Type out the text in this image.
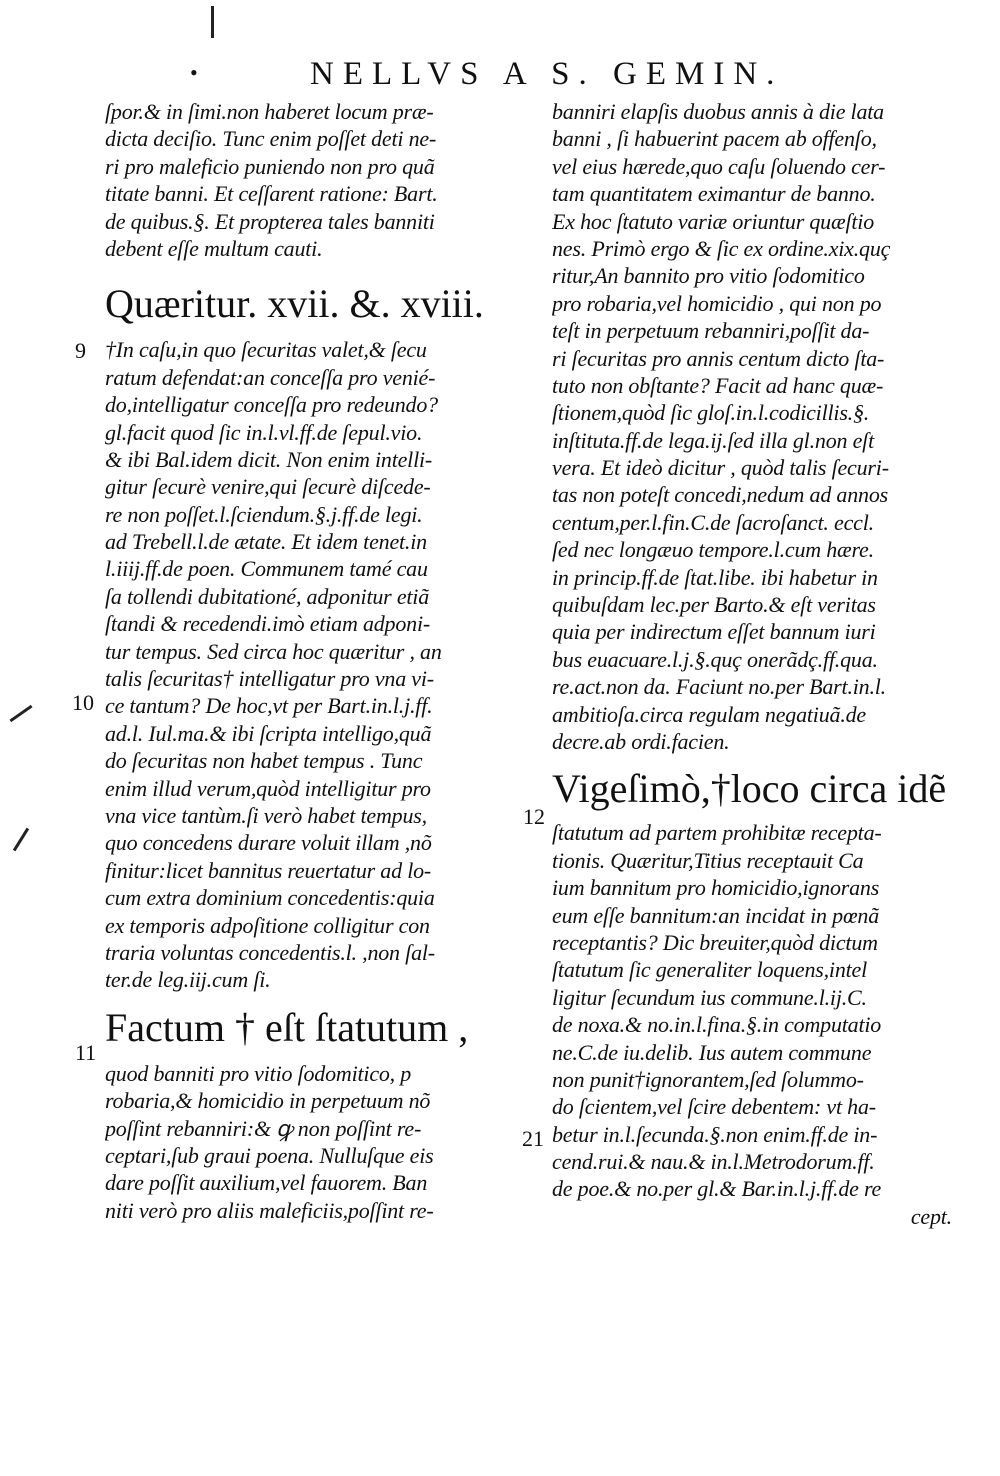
•	NELLVS A S. GEMIN.
9
10
11
12
21
ſpor.& in ſimi.non haberet locum præ-
dicta deciſio. Tunc enim poſſet deti ne-
ri pro maleficio puniendo non pro quã
titate banni. Et ceſſarent ratione: Bart.
de quibus.§. Et propterea tales banniti
debent eſſe multum cauti.
Quæritur. xvii. &. xviii.
†In caſu,in quo ſecuritas valet,& ſecu
ratum defendat:an conceſſa pro venié-
do,intelligatur conceſſa pro redeundo?
gl.facit quod ſic in.l.vl.ff.de ſepul.vio.
& ibi Bal.idem dicit. Non enim intelli-
gitur ſecurè venire,qui ſecurè diſcede-
re non poſſet.l.ſciendum.§.j.ff.de legi.
ad Trebell.l.de ætate. Et idem tenet.in
l.iiij.ff.de poen. Communem tamé cau
ſa tollendi dubitationé, adponitur etiã
ſtandi & recedendi.imò etiam adponi-
tur tempus. Sed circa hoc quæritur , an
talis ſecuritas† intelligatur pro vna vi-
ce tantum? De hoc,vt per Bart.in.l.j.ff.
ad.l. Iul.ma.& ibi ſcripta intelligo,quã
do ſecuritas non habet tempus . Tunc
enim illud verum,quòd intelligitur pro
vna vice tantùm.ſi verò habet tempus,
quo concedens durare voluit illam ,nõ
finitur:licet bannitus reuertatur ad lo-
cum extra dominium concedentis:quia
ex temporis adpoſitione colligitur con
traria voluntas concedentis.l. ,non ſal-
ter.de leg.iij.cum ſi.
Factum † eſt ſtatutum ,
quod banniti pro vitio ſodomitico, p
robaria,& homicidio in perpetuum nõ
poſſint rebanniri:& ꝙ non poſſint re-
ceptari,ſub graui poena. Nulluſque eis
dare poſſit auxilium,vel fauorem. Ban
niti verò pro aliis maleficiis,poſſint re-
banniri elapſis duobus annis à die lata
banni , ſi habuerint pacem ab offenſo,
vel eius hærede,quo caſu ſoluendo cer-
tam quantitatem eximantur de banno.
Ex hoc ſtatuto variæ oriuntur quæſtio
nes. Primò ergo & ſic ex ordine.xix.quç
ritur,An bannito pro vitio ſodomitico
pro robaria,vel homicidio , qui non po
teſt in perpetuum rebanniri,poſſit da-
ri ſecuritas pro annis centum dicto ſta-
tuto non obſtante? Facit ad hanc quæ-
ſtionem,quòd ſic gloſ.in.l.codicillis.§.
inſtituta.ff.de lega.ij.ſed illa gl.non eſt
vera. Et ideò dicitur , quòd talis ſecuri-
tas non poteſt concedi,nedum ad annos
centum,per.l.fin.C.de ſacroſanct. eccl.
ſed nec longæuo tempore.l.cum hære.
in princip.ff.de ſtat.libe. ibi habetur in
quibuſdam lec.per Barto.& eſt veritas
quia per indirectum eſſet bannum iuri
bus euacuare.l.j.§.quç onerãdç.ff.qua.
re.act.non da. Faciunt no.per Bart.in.l.
ambitioſa.circa regulam negatiuã.de
decre.ab ordi.facien.
Vigeſimò,†loco circa idẽ
ſtatutum ad partem prohibitæ recepta-
tionis. Quæritur,Titius receptauit Ca
ium bannitum pro homicidio,ignorans
eum eſſe bannitum:an incidat in pœnã
receptantis? Dic breuiter,quòd dictum
ſtatutum ſic generaliter loquens,intel
ligitur ſecundum ius commune.l.ij.C.
de noxa.& no.in.l.fina.§.in computatio
ne.C.de iu.delib. Ius autem commune
non punit†ignorantem,ſed ſolummo-
do ſcientem,vel ſcire debentem: vt ha-
betur in.l.ſecunda.§.non enim.ff.de in-
cend.rui.& nau.& in.l.Metrodorum.ff.
de poe.& no.per gl.& Bar.in.l.j.ff.de re
cept.
